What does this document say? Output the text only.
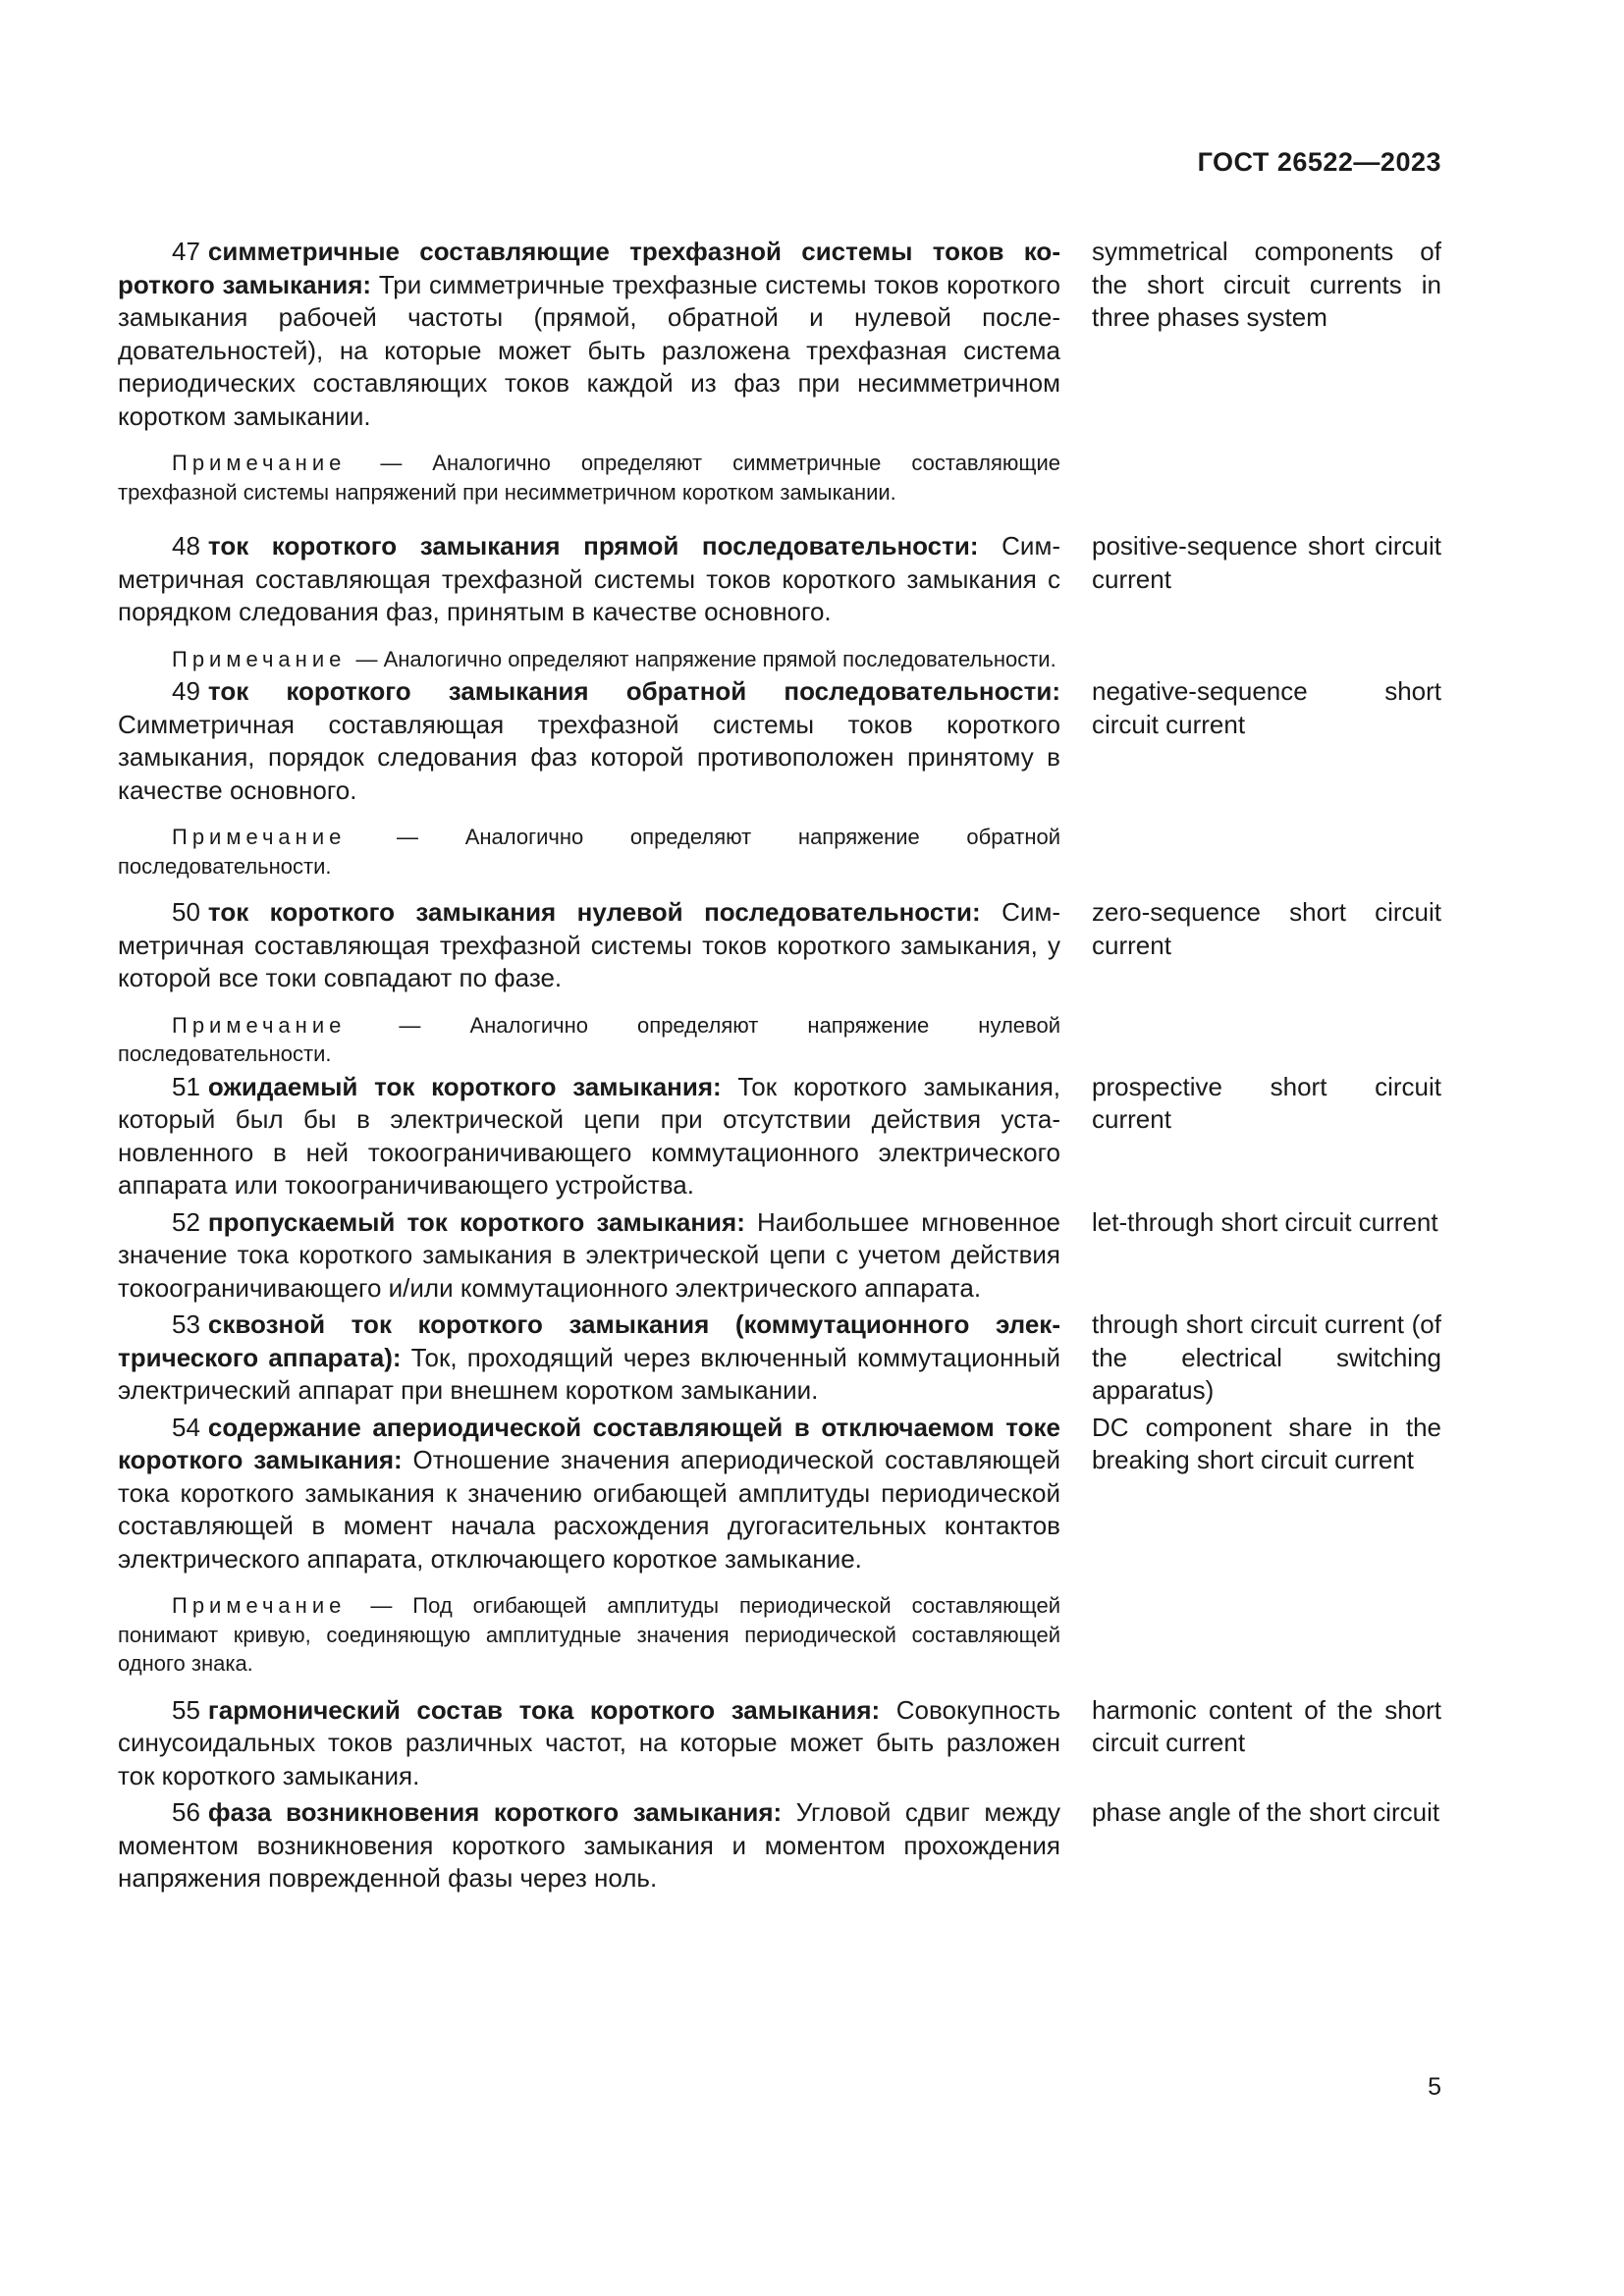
ГОСТ 26522—2023

47 симметричные составляющие трехфазной системы токов короткого замыкания: Три симметричные трехфазные системы токов короткого замыкания рабочей частоты (прямой, обратной и нулевой последовательностей), на которые может быть разложена трехфазная система периодических составляющих токов каждой из фаз при несимметричном коротком замыкании.

Примечание — Аналогично определяют симметричные составляющие трехфазной системы напряжений при несимметричном коротком замыкании.

symmetrical components of the short circuit currents in three phases system

48 ток короткого замыкания прямой последовательности: Симметричная составляющая трехфазной системы токов короткого замыкания с порядком следования фаз, принятым в качестве основного.

Примечание — Аналогично определяют напряжение прямой последовательности.

positive-sequence short circuit current

49 ток короткого замыкания обратной последовательности: Симметричная составляющая трехфазной системы токов короткого замыкания, порядок следования фаз которой противоположен принятому в качестве основного.

Примечание — Аналогично определяют напряжение обратной последовательности.

negative-sequence short circuit current

50 ток короткого замыкания нулевой последовательности: Симметричная составляющая трехфазной системы токов короткого замыкания, у которой все токи совпадают по фазе.

Примечание — Аналогично определяют напряжение нулевой последовательности.

zero-sequence short circuit current

51 ожидаемый ток короткого замыкания: Ток короткого замыкания, который был бы в электрической цепи при отсутствии действия установленного в ней токоограничивающего коммутационного электрического аппарата или токоограничивающего устройства.

prospective short circuit current

52 пропускаемый ток короткого замыкания: Наибольшее мгновенное значение тока короткого замыкания в электрической цепи с учетом действия токоограничивающего и/или коммутационного электрического аппарата.

let-through short circuit current

53 сквозной ток короткого замыкания (коммутационного электрического аппарата): Ток, проходящий через включенный коммутационный электрический аппарат при внешнем коротком замыкании.

through short circuit current (of the electrical switching apparatus)

54 содержание апериодической составляющей в отключаемом токе короткого замыкания: Отношение значения апериодической составляющей тока короткого замыкания к значению огибающей амплитуды периодической составляющей в момент начала расхождения дугогасительных контактов электрического аппарата, отключающего короткое замыкание.

Примечание — Под огибающей амплитуды периодической составляющей понимают кривую, соединяющую амплитудные значения периодической составляющей одного знака.

DC component share in the breaking short circuit current

55 гармонический состав тока короткого замыкания: Совокупность синусоидальных токов различных частот, на которые может быть разложен ток короткого замыкания.

harmonic content of the short circuit current

56 фаза возникновения короткого замыкания: Угловой сдвиг между моментом возникновения короткого замыкания и моментом прохождения напряжения поврежденной фазы через ноль.

phase angle of the short circuit
5
